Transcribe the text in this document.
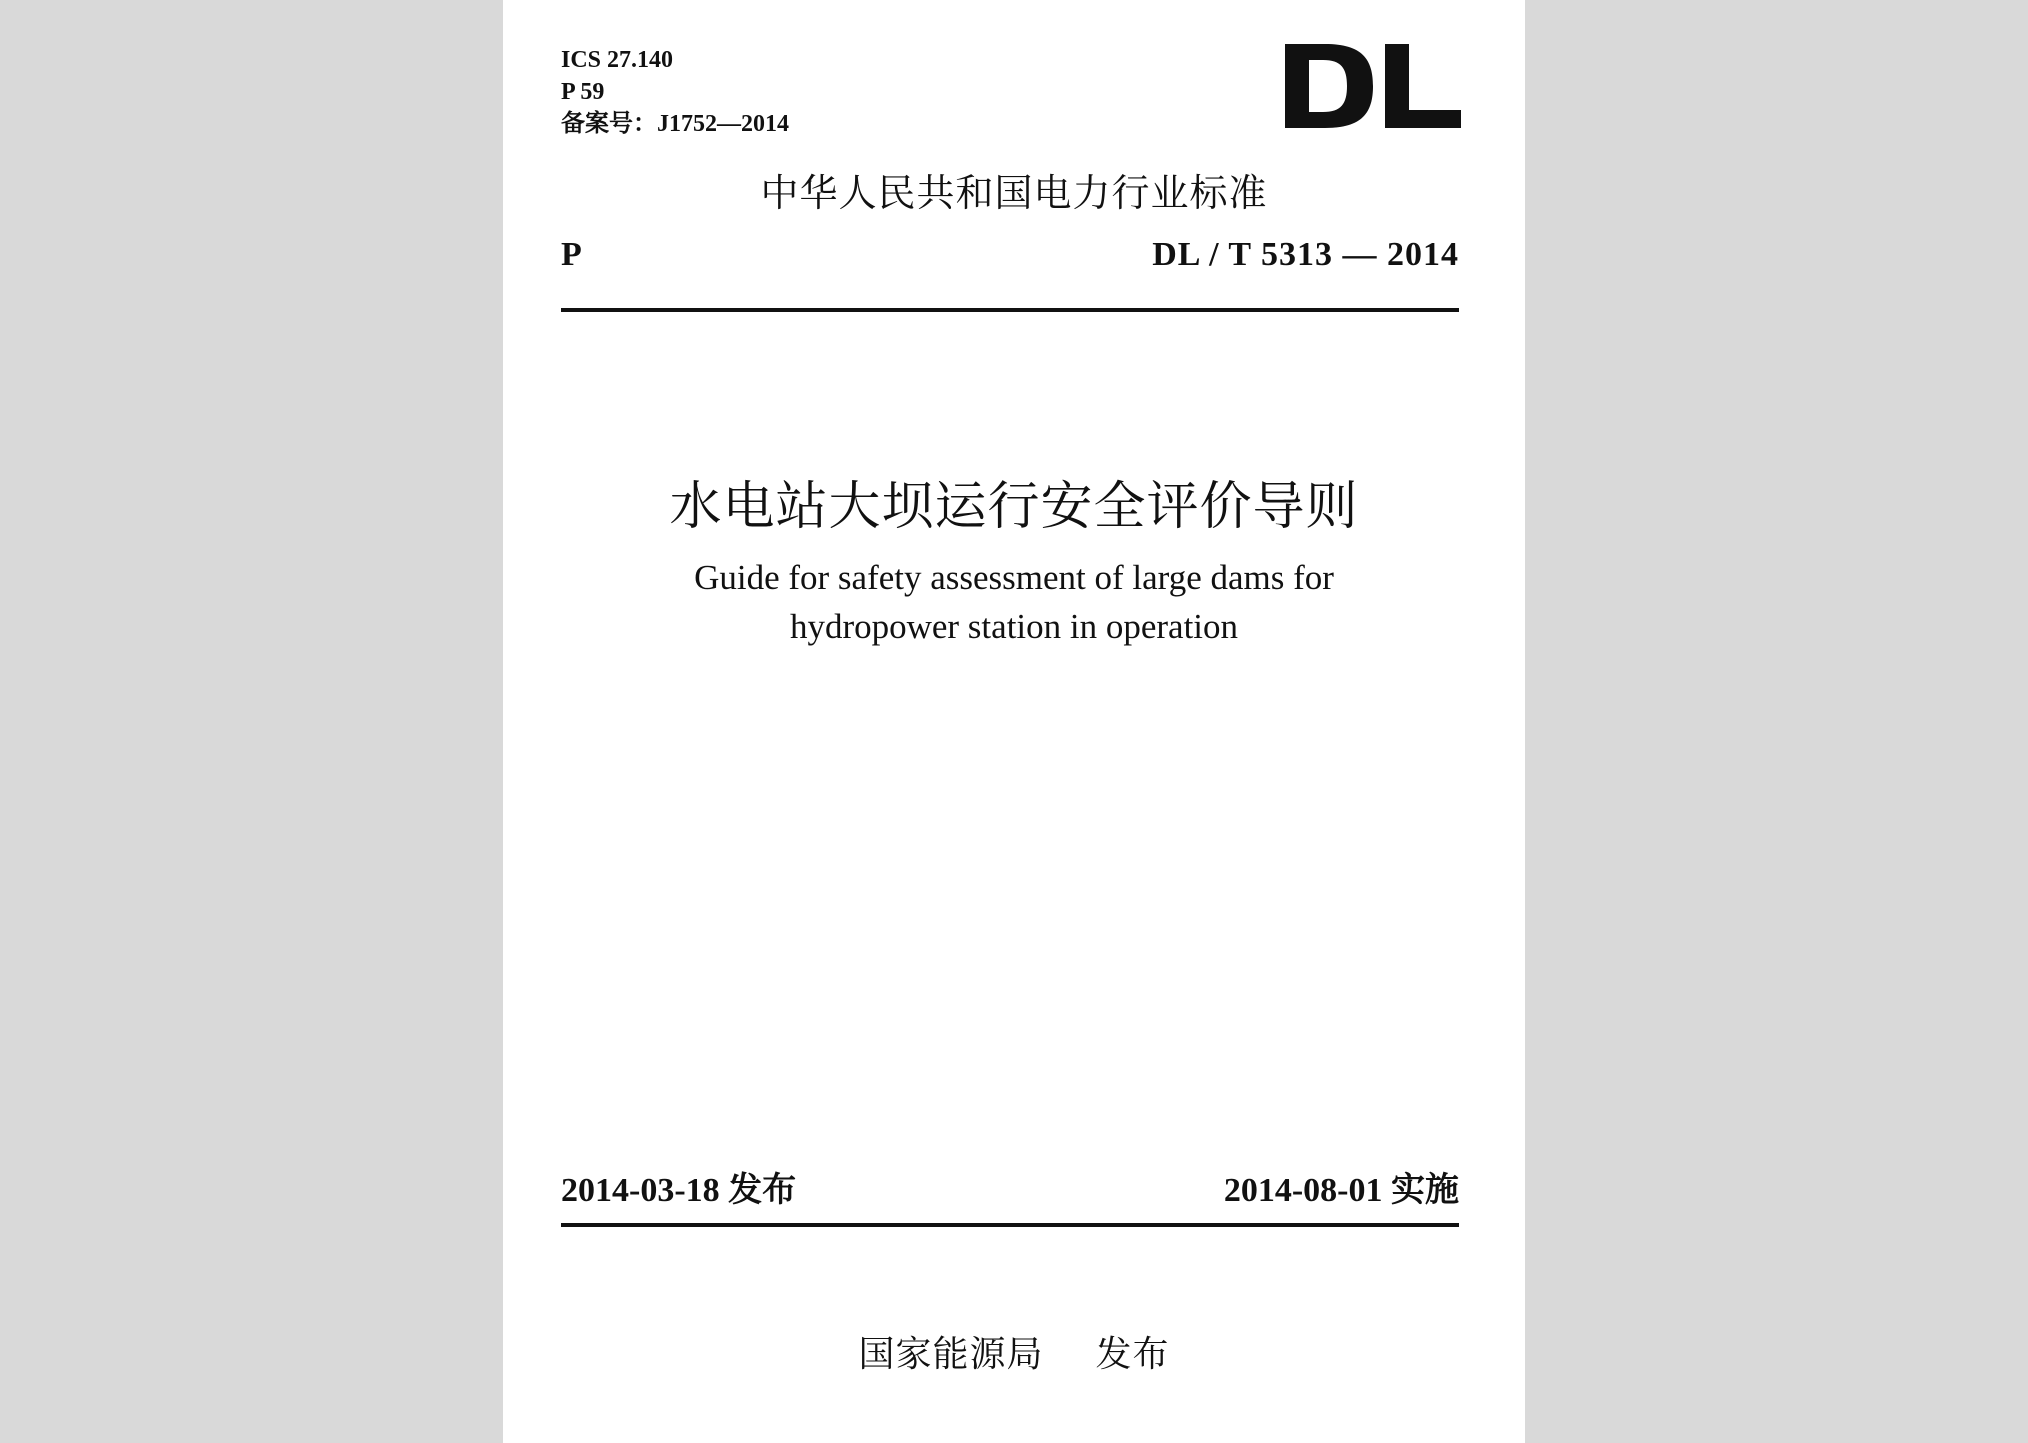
ICS 27.140
P 59
备案号：J1752—2014
中华人民共和国电力行业标准
P	DL / T 5313 — 2014
水电站大坝运行安全评价导则
Guide for safety assessment of large dams for
hydropower station in operation
2014-03-18 发布	2014-08-01 实施
国家能源局 发布
